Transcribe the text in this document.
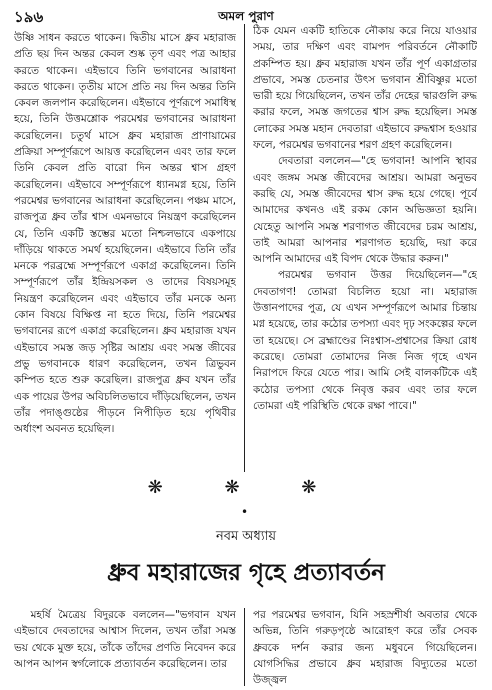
১৯৬	অমল পুরাণ

উষ্ণি সাধন করতে থাকেন। দ্বিতীয় মাসে ধ্রুব মহারাজ প্রতি ছয় দিন অন্তর কেবল শুষ্ক তৃণ এবং পত্র আহার করতে থাকেন। এইভাবে তিনি ভগবানের আরাধনা করতে থাকেন। তৃতীয় মাসে প্রতি নয় দিন অন্তর তিনি কেবল জলপান করেছিলেন। এইভাবে পূর্ণরূপে সমাধিস্থ হয়ে, তিনি উত্তমশ্লোক পরমেশ্বর ভগবানের আরাধনা করেছিলেন। চতুর্থ মাসে ধ্রুব মহারাজ প্রাণায়ামের প্রক্রিয়া সম্পূর্ণরূপে আয়ত্ত করেছিলেন এবং তার ফলে তিনি কেবল প্রতি বারো দিন অন্তর শ্বাস গ্রহণ করেছিলেন। এইভাবে সম্পূর্ণরূপে ধ্যানমগ্ন হয়ে, তিনি পরমেশ্বর ভগবানের আরাধনা করেছিলেন। পঞ্চম মাসে, রাজপুত্র ধ্রুব তাঁর শ্বাস এমনভাবে নিয়ন্ত্রণ করেছিলেন যে, তিনি একটি স্তম্ভের মতো নিশ্চলভাবে একপায়ে দাঁড়িয়ে থাকতে সমর্থ হয়েছিলেন। এইভাবে তিনি তাঁর মনকে পরব্রহ্মে সম্পূর্ণরূপে একাগ্র করেছিলেন। তিনি সম্পূর্ণরূপে তাঁর ইন্দ্রিয়সকল ও তাদের বিষয়সমূহ নিয়ন্ত্রণ করেছিলেন এবং এইভাবে তাঁর মনকে অন্য কোন বিষয়ে বিক্ষিপ্ত না হতে দিয়ে, তিনি পরমেশ্বর ভগবানের রূপে একাগ্র করেছিলেন। ধ্রুব মহারাজ যখন এইভাবে সমস্ত জড় সৃষ্টির আশ্রয় এবং সমস্ত জীবের প্রভু ভগবানকে ধারণ করেছিলেন, তখন ত্রিভুবন কম্পিত হতে শুরু করেছিল। রাজপুত্র ধ্রুব যখন তাঁর এক পায়ের উপর অবিচলিতভাবে দাঁড়িয়েছিলেন, তখন তাঁর পদাঙ্গুষ্ঠের পীড়নে নিপীড়িত হয়ে পৃথিবীর অর্ধাংশ অবনত হয়েছিল।

ঠিক যেমন একটি হাতিকে নৌকায় করে নিয়ে যাওয়ার সময়, তার দক্ষিণ এবং বামপদ পরিবর্তনে নৌকাটি প্রকম্পিত হয়। ধ্রুব মহারাজ যখন তাঁর পূর্ণ একাগ্রতার প্রভাবে, সমস্ত চেতনার উৎস ভগবান শ্রীবিষ্ণুর মতো ভারী হয়ে গিয়েছিলেন, তখন তাঁর দেহের দ্বারগুলি রুদ্ধ করার ফলে, সমস্ত জগতের শ্বাস রুদ্ধ হয়েছিল। সমস্ত লোকের সমস্ত মহান দেবতারা এইভাবে রুদ্ধশ্বাস হওয়ার ফলে, পরমেশ্বর ভগবানের শরণ গ্রহণ করেছিলেন।

দেবতারা বললেন—"হে ভগবান! আপনি স্থাবর এবং জঙ্গম সমস্ত জীবেদের আশ্রয়। আমরা অনুভব করছি যে, সমস্ত জীবেদের শ্বাস রুদ্ধ হয়ে গেছে। পূর্বে আমাদের কখনও এই রকম কোন অভিজ্ঞতা হয়নি। যেহেতু আপনি সমস্ত শরণাগত জীবেদের চরম আশ্রয়, তাই আমরা আপনার শরণাগত হয়েছি, দয়া করে আপনি আমাদের এই বিপদ থেকে উদ্ধার করুন।"

পরমেশ্বর ভগবান উত্তর দিয়েছিলেন—"হে দেবতাগণ! তোমরা বিচলিত হয়ো না। মহারাজ উত্তানপাদের পুত্র, যে এখন সম্পূর্ণরূপে আমার চিন্তায় মগ্ন হয়েছে, তার কঠোর তপস্যা এবং দৃঢ় সংকল্পের ফলে তা হয়েছে। সে ব্রহ্মাণ্ডের নিঃশ্বাস-প্রশ্বাসের ক্রিয়া রোধ করেছে। তোমরা তোমাদের নিজ নিজ গৃহে এখন নিরাপদে ফিরে যেতে পার। আমি সেই বালকটিকে এই কঠোর তপস্যা থেকে নিবৃত্ত করব এবং তার ফলে তোমরা এই পরিস্থিতি থেকে রক্ষা পাবে।"

❋ ❋ ❋
•
নবম অধ্যায়
ধ্রুব মহারাজের গৃহে প্রত্যাবর্তন

মহর্ষি মৈত্রেয় বিদুরকে বললেন—"ভগবান যখন এইভাবে দেবতাদের আশ্বাস দিলেন, তখন তাঁরা সমস্ত ভয় থেকে মুক্ত হয়ে, তাঁকে তাঁদের প্রণতি নিবেদন করে আপন আপন স্বর্গলোকে প্রত্যাবর্তন করেছিলেন। তার

পর পরমেশ্বর ভগবান, যিনি সহস্রশীর্ষা অবতার থেকে অভিন্ন, তিনি গরুড়পৃষ্ঠে আরোহণ করে তাঁর সেবক ধ্রুবকে দর্শন করার জন্য মধুবনে গিয়েছিলেন। যোগসিদ্ধির প্রভাবে ধ্রুব মহারাজ বিদ্যুতের মতো উজ্জ্বল
